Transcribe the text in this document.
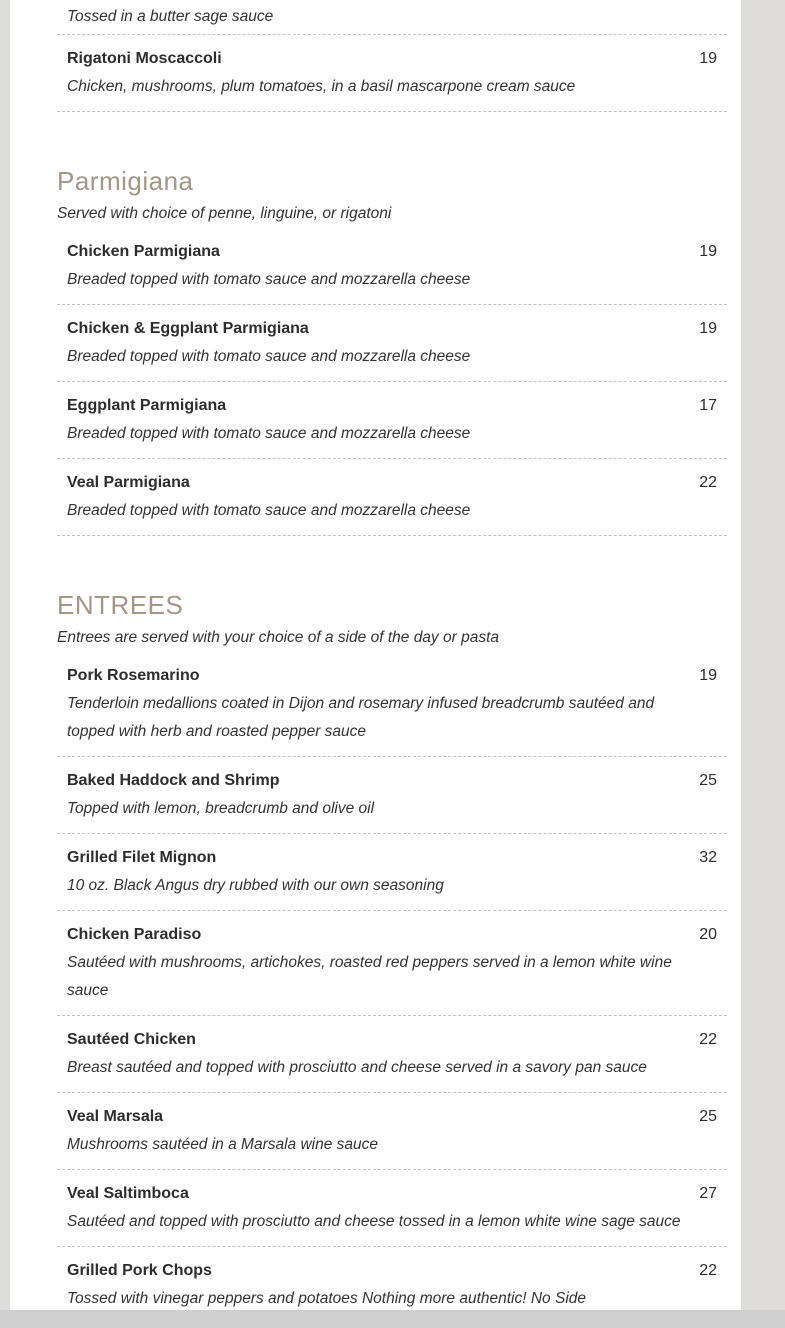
Tossed in a butter sage sauce
Rigatoni Moscaccoli	19
Chicken, mushrooms, plum tomatoes, in a basil mascarpone cream sauce
Parmigiana

Served with choice of penne, linguine, or rigatoni

Chicken Parmigiana	19
Breaded topped with tomato sauce and mozzarella cheese
Chicken & Eggplant Parmigiana	19
Breaded topped with tomato sauce and mozzarella cheese
Eggplant Parmigiana	17
Breaded topped with tomato sauce and mozzarella cheese
Veal Parmigiana	22
Breaded topped with tomato sauce and mozzarella cheese
ENTREES

Entrees are served with your choice of a side of the day or pasta

Pork Rosemarino	19
Tenderloin medallions coated in Dijon and rosemary infused breadcrumb sautéed and topped with herb and roasted pepper sauce
Baked Haddock and Shrimp	25
Topped with lemon, breadcrumb and olive oil
Grilled Filet Mignon	32
10 oz. Black Angus dry rubbed with our own seasoning
Chicken Paradiso	20
Sautéed with mushrooms, artichokes, roasted red peppers served in a lemon white wine sauce
Sautéed Chicken	22
Breast sautéed and topped with prosciutto and cheese served in a savory pan sauce
Veal Marsala	25
Mushrooms sautéed in a Marsala wine sauce
Veal Saltimboca	27
Sautéed and topped with prosciutto and cheese tossed in a lemon white wine sage sauce
Grilled Pork Chops	22
Tossed with vinegar peppers and potatoes Nothing more authentic! No Side
